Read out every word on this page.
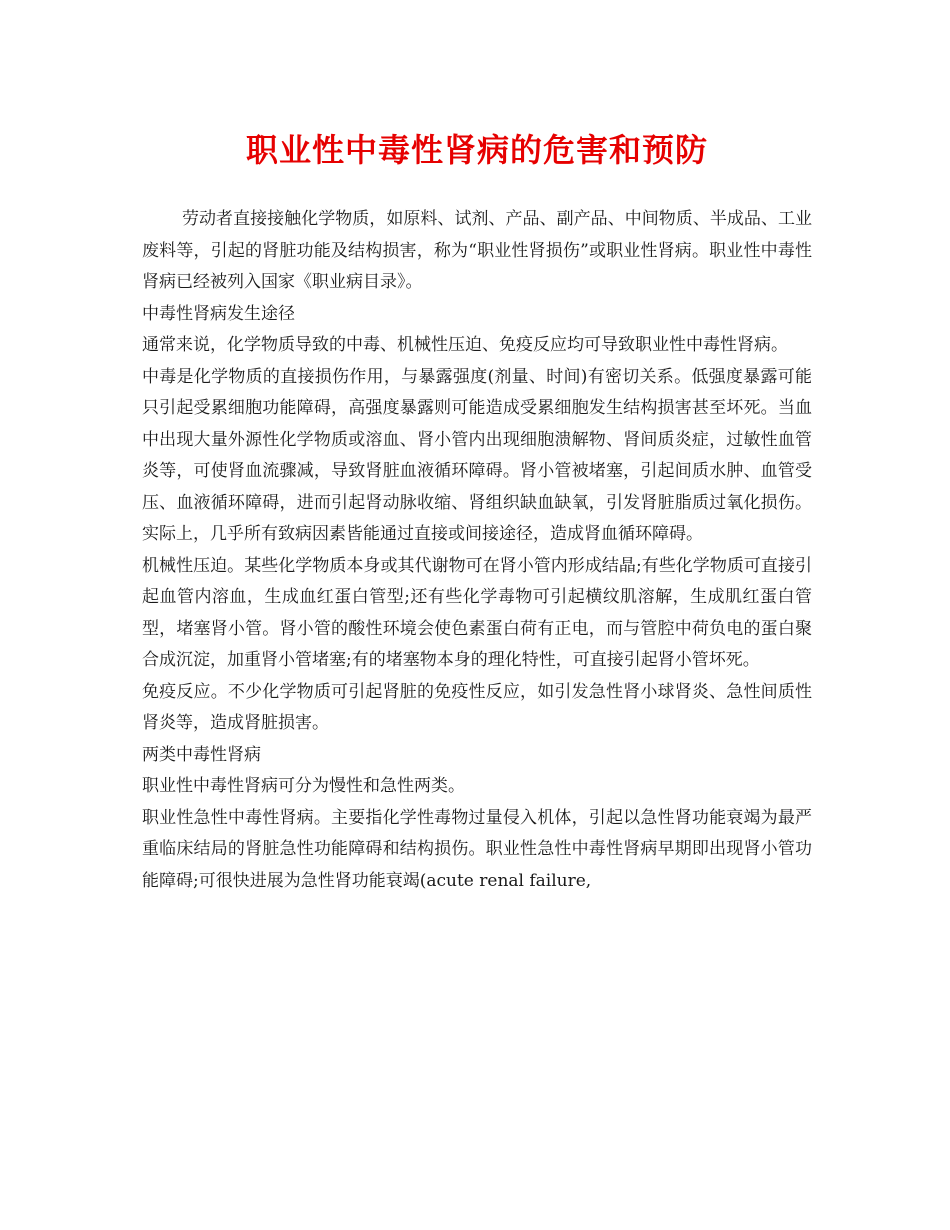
职业性中毒性肾病的危害和预防

劳动者直接接触化学物质，如原料、试剂、产品、副产品、中间物质、半成品、工业废料等，引起的肾脏功能及结构损害，称为“职业性肾损伤”或职业性肾病。职业性中毒性肾病已经被列入国家《职业病目录》。

中毒性肾病发生途径

通常来说，化学物质导致的中毒、机械性压迫、免疫反应均可导致职业性中毒性肾病。

中毒是化学物质的直接损伤作用，与暴露强度(剂量、时间)有密切关系。低强度暴露可能只引起受累细胞功能障碍，高强度暴露则可能造成受累细胞发生结构损害甚至坏死。当血中出现大量外源性化学物质或溶血、肾小管内出现细胞溃解物、肾间质炎症，过敏性血管炎等，可使肾血流骤减，导致肾脏血液循环障碍。肾小管被堵塞，引起间质水肿、血管受压、血液循环障碍，进而引起肾动脉收缩、肾组织缺血缺氧，引发肾脏脂质过氧化损伤。实际上，几乎所有致病因素皆能通过直接或间接途径，造成肾血循环障碍。

机械性压迫。某些化学物质本身或其代谢物可在肾小管内形成结晶;有些化学物质可直接引起血管内溶血，生成血红蛋白管型;还有些化学毒物可引起横纹肌溶解，生成肌红蛋白管型，堵塞肾小管。肾小管的酸性环境会使色素蛋白荷有正电，而与管腔中荷负电的蛋白聚合成沉淀，加重肾小管堵塞;有的堵塞物本身的理化特性，可直接引起肾小管坏死。

免疫反应。不少化学物质可引起肾脏的免疫性反应，如引发急性肾小球肾炎、急性间质性肾炎等，造成肾脏损害。

两类中毒性肾病

职业性中毒性肾病可分为慢性和急性两类。

职业性急性中毒性肾病。主要指化学性毒物过量侵入机体，引起以急性肾功能衰竭为最严重临床结局的肾脏急性功能障碍和结构损伤。职业性急性中毒性肾病早期即出现肾小管功能障碍;可很快进展为急性肾功能衰竭(acute renal failure,
